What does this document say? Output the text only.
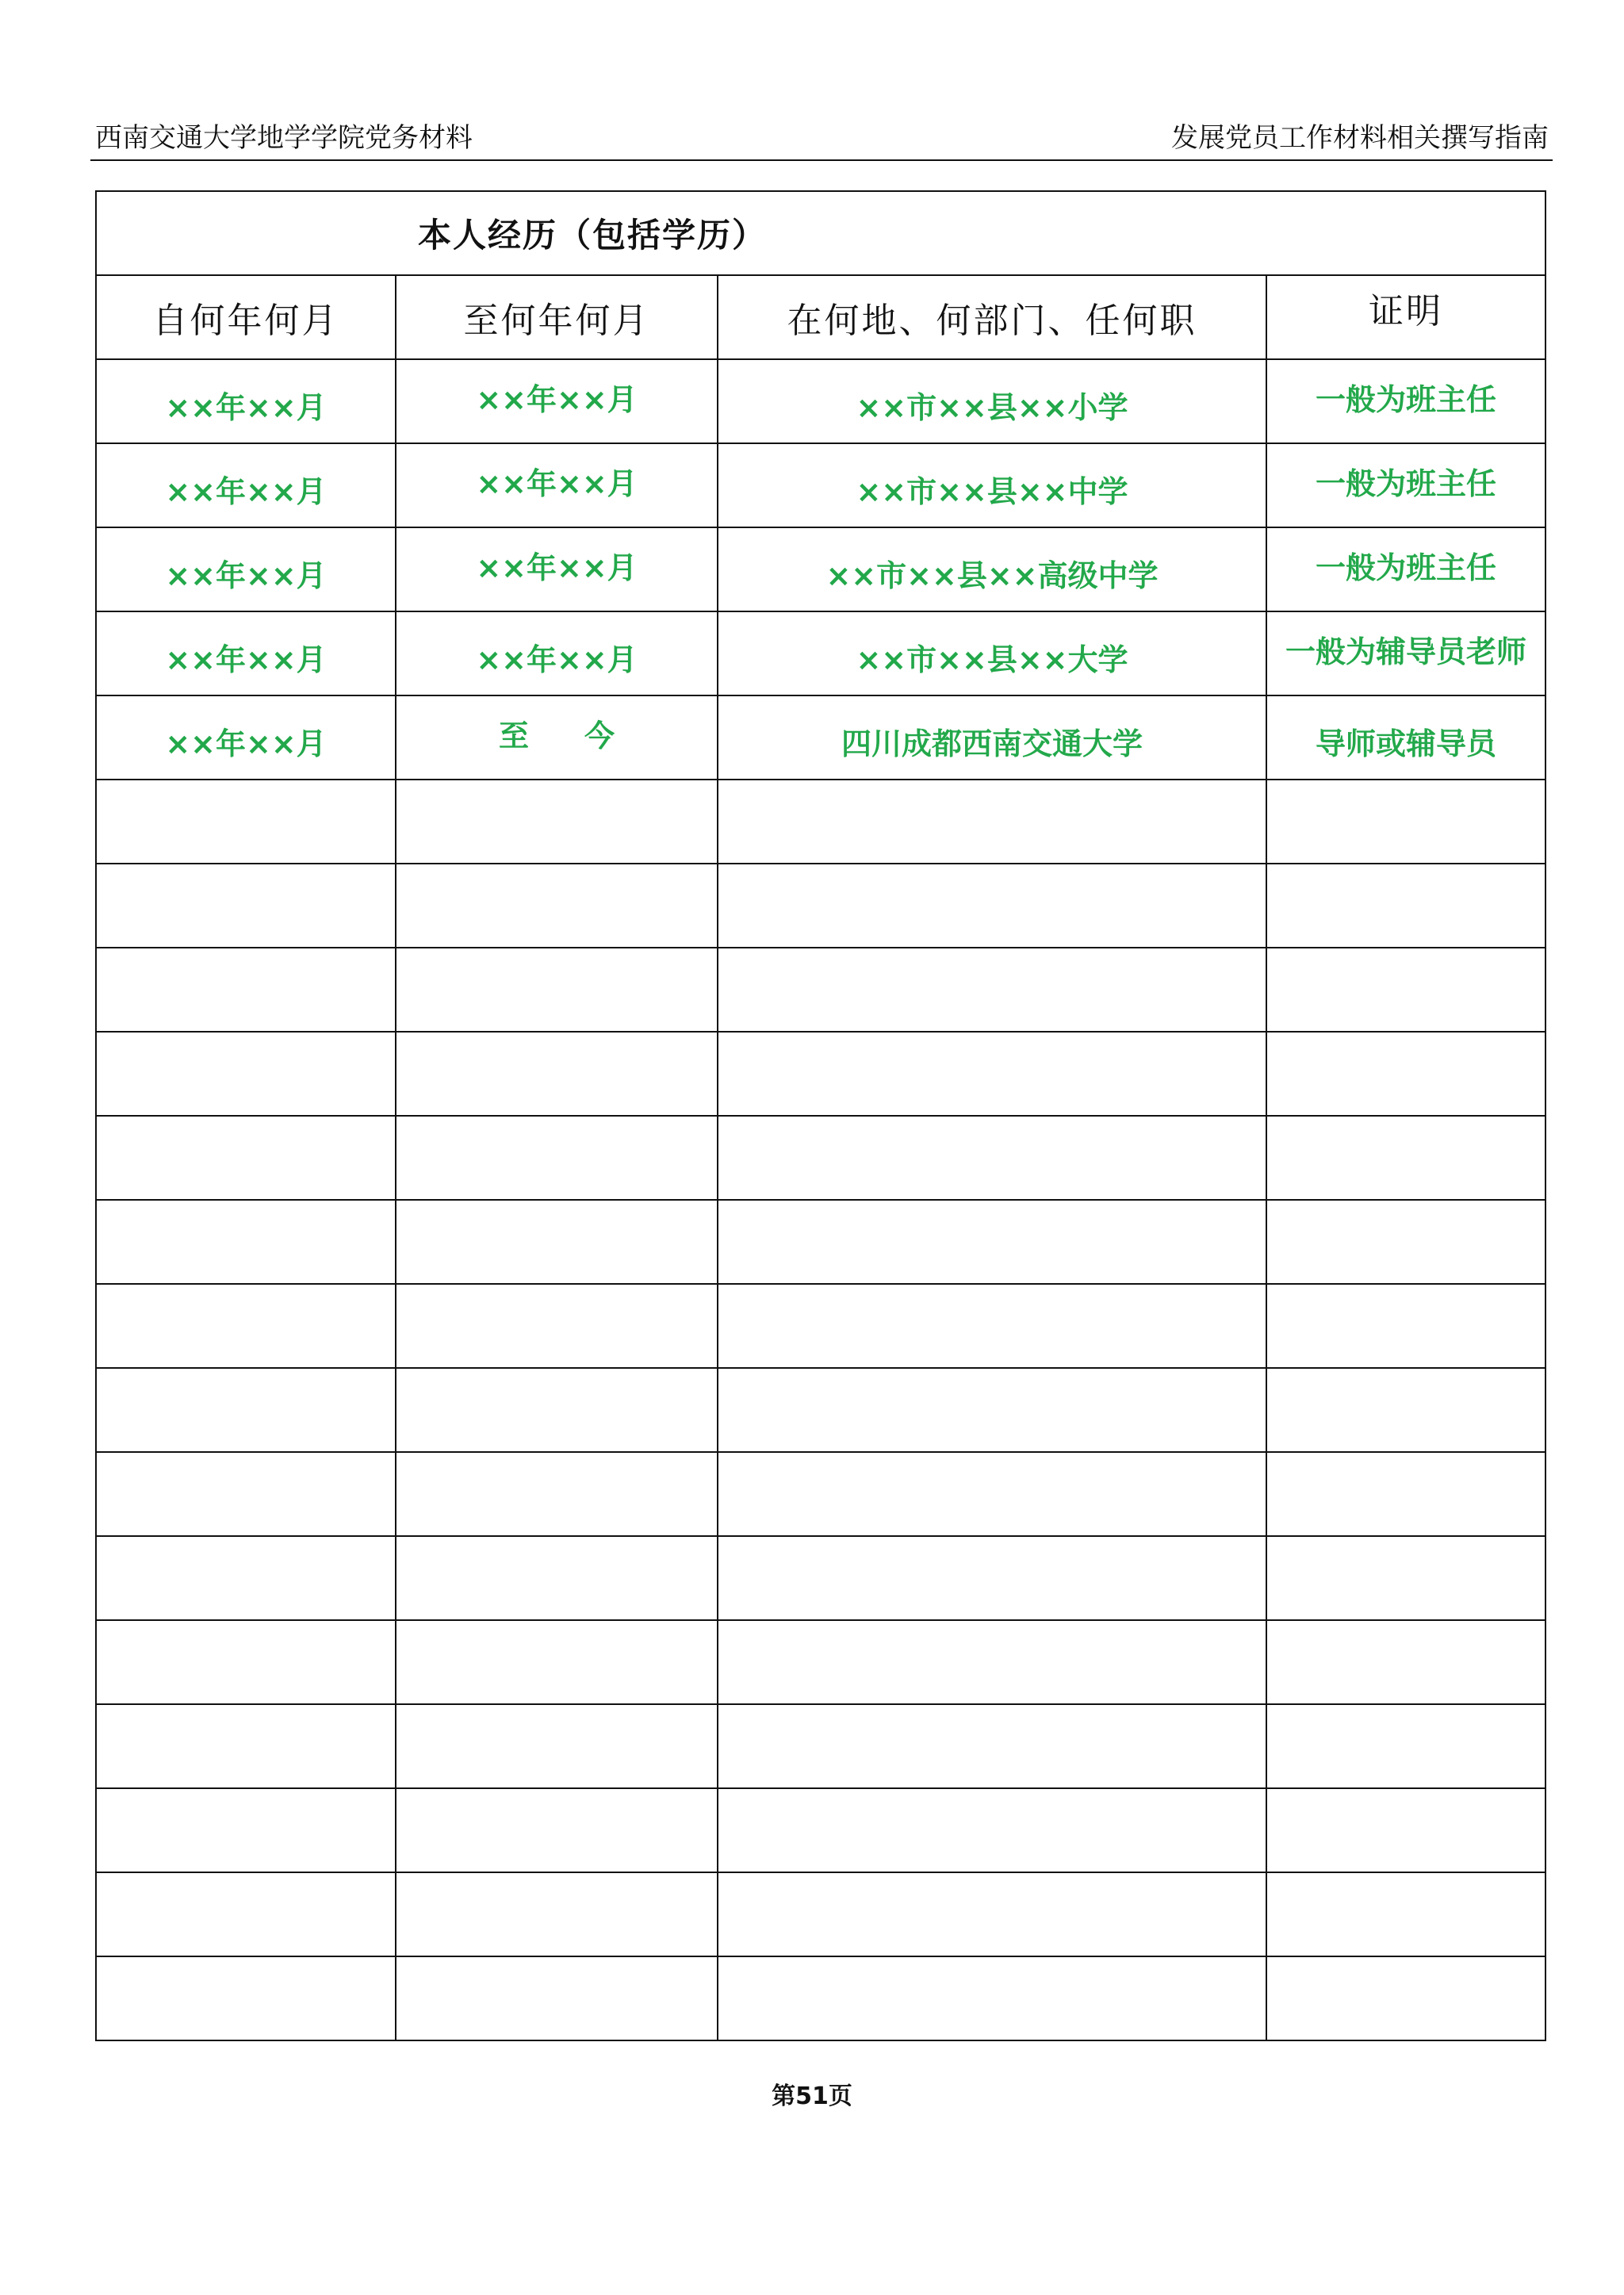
西南交通大学地学学院党务材料	发展党员工作材料相关撰写指南
本人经历（包括学历）			
自何年何月	至何年何月	在何地、何部门、任何职	证明
××年××月	××年××月	××市××县××小学	一般为班主任
××年××月	××年××月	××市××县××中学	一般为班主任
××年××月	××年××月	××市××县××高级中学	一般为班主任
××年××月	××年××月	××市××县××大学	一般为辅导员老师
××年××月	至 今	四川成都西南交通大学	导师或辅导员

第51页
